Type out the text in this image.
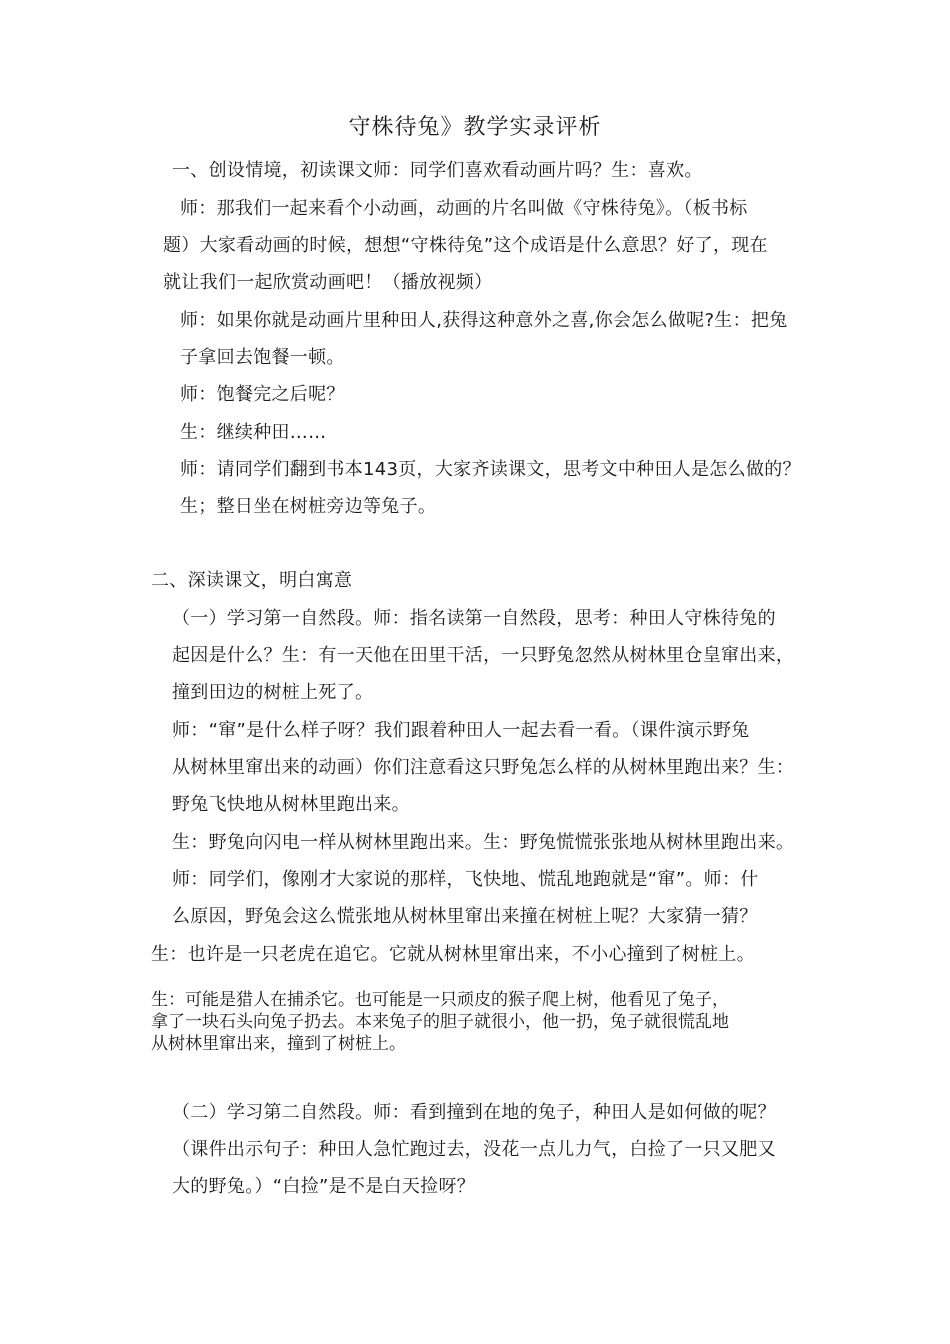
守株待兔》教学实录评析
一、创设情境，初读课文师：同学们喜欢看动画片吗？生：喜欢。
师：那我们一起来看个小动画，动画的片名叫做《守株待兔》。（板书标
题）大家看动画的时候，想想“守株待兔”这个成语是什么意思？好了，现在
就让我们一起欣赏动画吧！（播放视频）
师：如果你就是动画片里种田人,获得这种意外之喜,你会怎么做呢?生：把兔
子拿回去饱餐一顿。
师：饱餐完之后呢？
生：继续种田……
师：请同学们翻到书本143页，大家齐读课文，思考文中种田人是怎么做的？
生；整日坐在树桩旁边等兔子。
二、深读课文，明白寓意
（一）学习第一自然段。师：指名读第一自然段，思考：种田人守株待兔的
起因是什么？生：有一天他在田里干活，一只野兔忽然从树林里仓皇窜出来，
撞到田边的树桩上死了。
师：“窜”是什么样子呀？我们跟着种田人一起去看一看。（课件演示野兔
从树林里窜出来的动画）你们注意看这只野兔怎么样的从树林里跑出来？生：
野兔飞快地从树林里跑出来。
生：野兔向闪电一样从树林里跑出来。生：野兔慌慌张张地从树林里跑出来。
师：同学们，像刚才大家说的那样，飞快地、慌乱地跑就是“窜”。师：什
么原因，野兔会这么慌张地从树林里窜出来撞在树桩上呢？大家猜一猜？
生：也许是一只老虎在追它。它就从树林里窜出来，不小心撞到了树桩上。
生：可能是猎人在捕杀它。也可能是一只顽皮的猴子爬上树，他看见了兔子，
拿了一块石头向兔子扔去。本来兔子的胆子就很小，他一扔，兔子就很慌乱地
从树林里窜出来，撞到了树桩上。
（二）学习第二自然段。师：看到撞到在地的兔子，种田人是如何做的呢？
（课件出示句子：种田人急忙跑过去，没花一点儿力气，白捡了一只又肥又
大的野兔。）“白捡”是不是白天捡呀？
